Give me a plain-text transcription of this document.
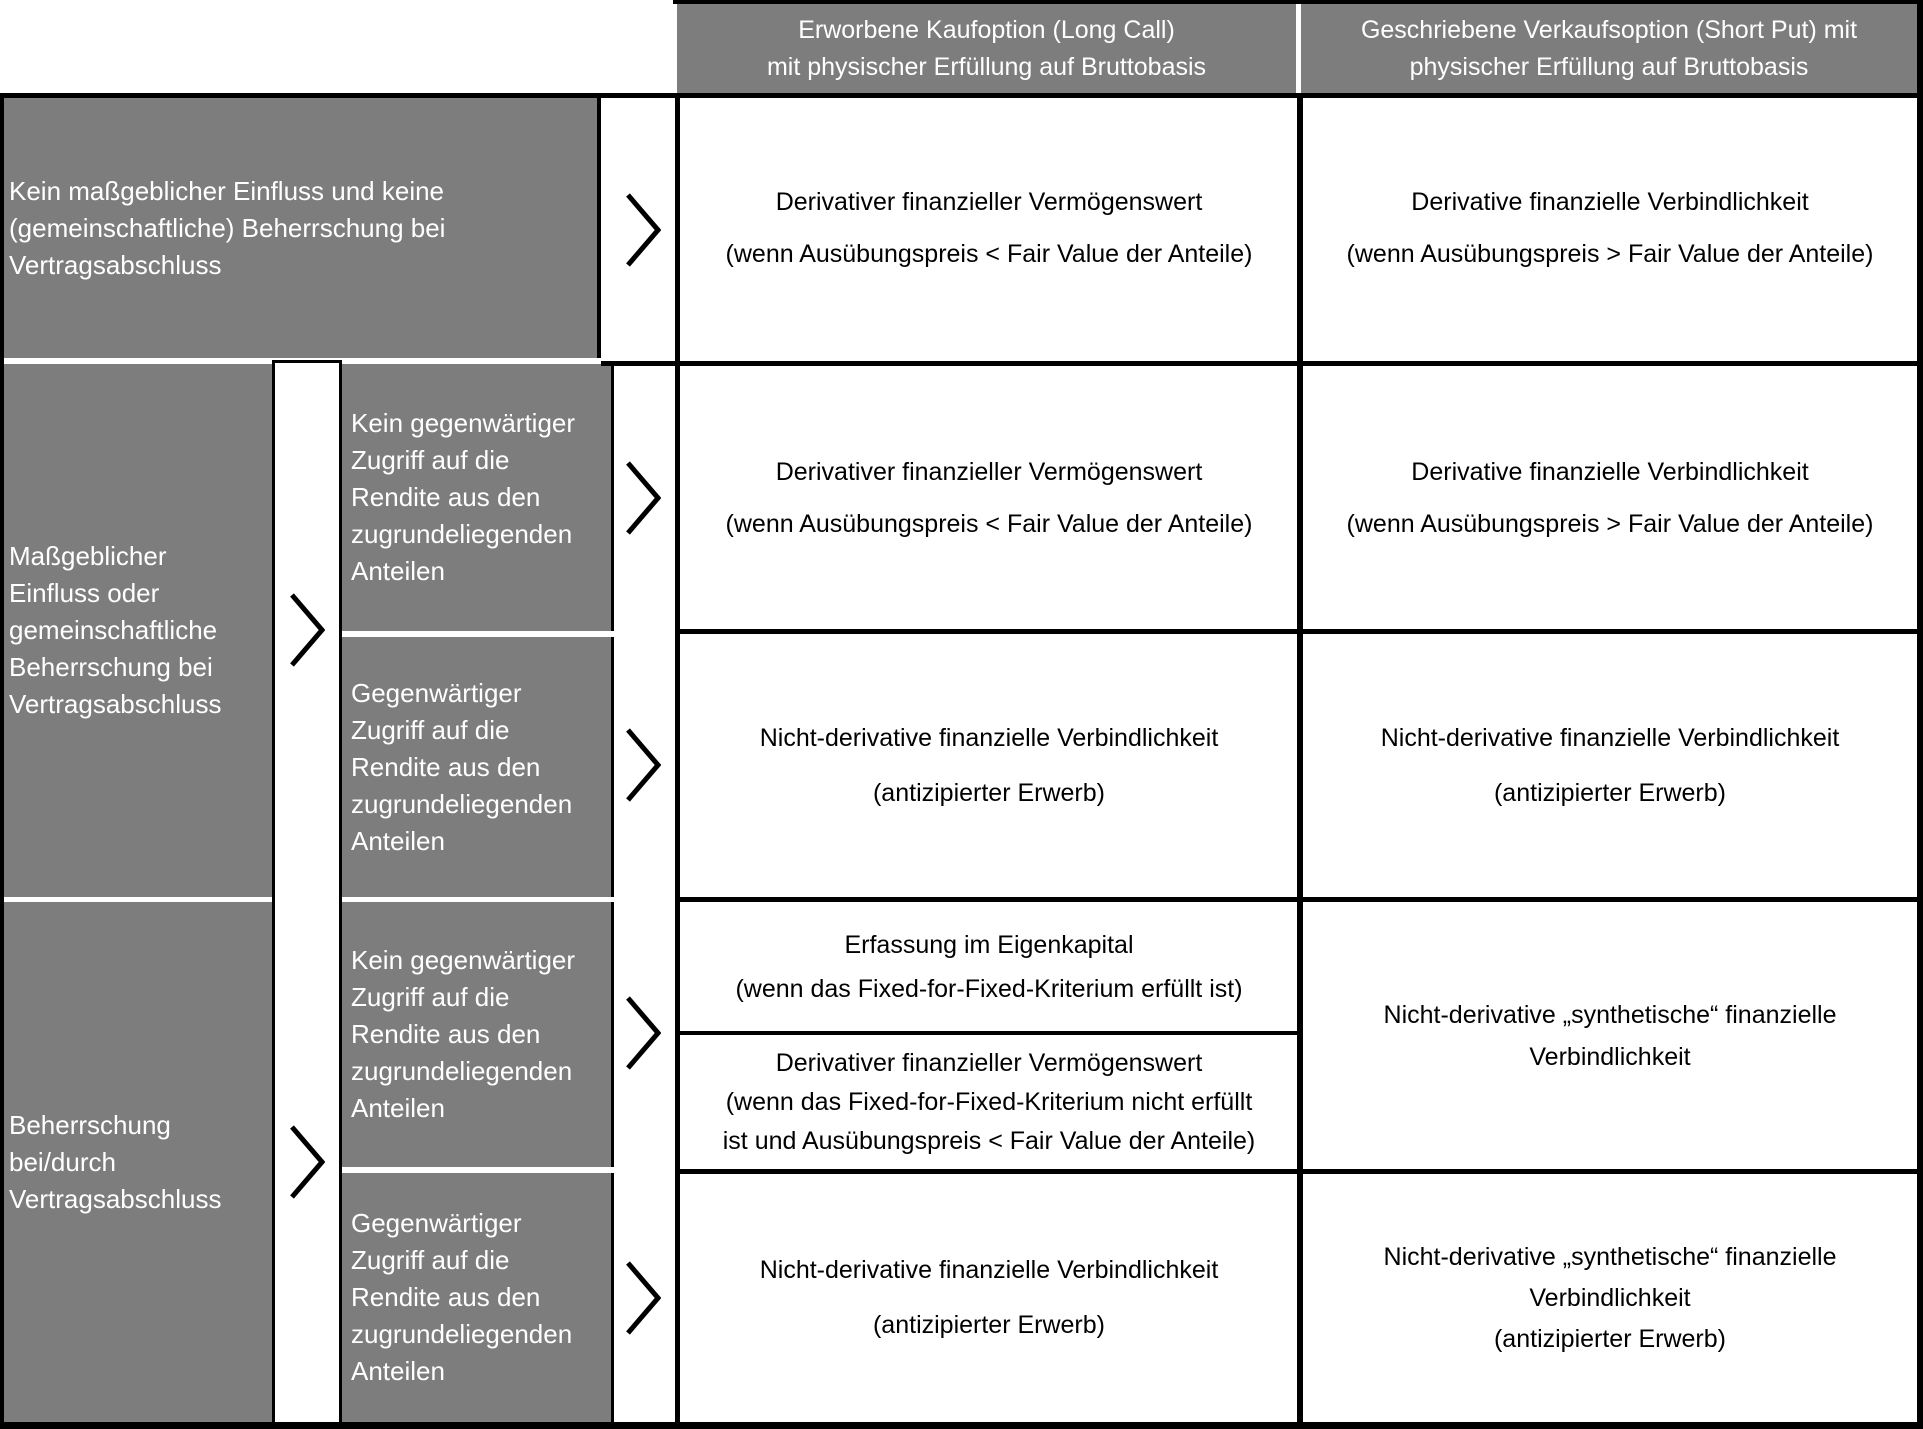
Erworbene Kaufoption (Long Call)
mit physischer Erfüllung auf Bruttobasis
Geschriebene Verkaufsoption (Short Put) mit
physischer Erfüllung auf Bruttobasis
Kein maßgeblicher Einfluss und keine
(gemeinschaftliche) Beherrschung bei
Vertragsabschluss
Maßgeblicher
Einfluss oder
gemeinschaftliche
Beherrschung bei
Vertragsabschluss
Beherrschung
bei/durch
Vertragsabschluss
Kein gegenwärtiger
Zugriff auf die
Rendite aus den
zugrundeliegenden
Anteilen
Gegenwärtiger
Zugriff auf die
Rendite aus den
zugrundeliegenden
Anteilen
Kein gegenwärtiger
Zugriff auf die
Rendite aus den
zugrundeliegenden
Anteilen
Gegenwärtiger
Zugriff auf die
Rendite aus den
zugrundeliegenden
Anteilen
Derivativer finanzieller Vermögenswert
(wenn Ausübungspreis < Fair Value der Anteile)
Derivative finanzielle Verbindlichkeit
(wenn Ausübungspreis > Fair Value der Anteile)
Derivativer finanzieller Vermögenswert
(wenn Ausübungspreis < Fair Value der Anteile)
Derivative finanzielle Verbindlichkeit
(wenn Ausübungspreis > Fair Value der Anteile)
Nicht-derivative finanzielle Verbindlichkeit
(antizipierter Erwerb)
Nicht-derivative finanzielle Verbindlichkeit
(antizipierter Erwerb)
Erfassung im Eigenkapital
(wenn das Fixed-for-Fixed-Kriterium erfüllt ist)
Derivativer finanzieller Vermögenswert
(wenn das Fixed-for-Fixed-Kriterium nicht erfüllt
ist und Ausübungspreis < Fair Value der Anteile)
Nicht-derivative „synthetische“ finanzielle
Verbindlichkeit
Nicht-derivative finanzielle Verbindlichkeit
(antizipierter Erwerb)
Nicht-derivative „synthetische“ finanzielle
Verbindlichkeit
(antizipierter Erwerb)
